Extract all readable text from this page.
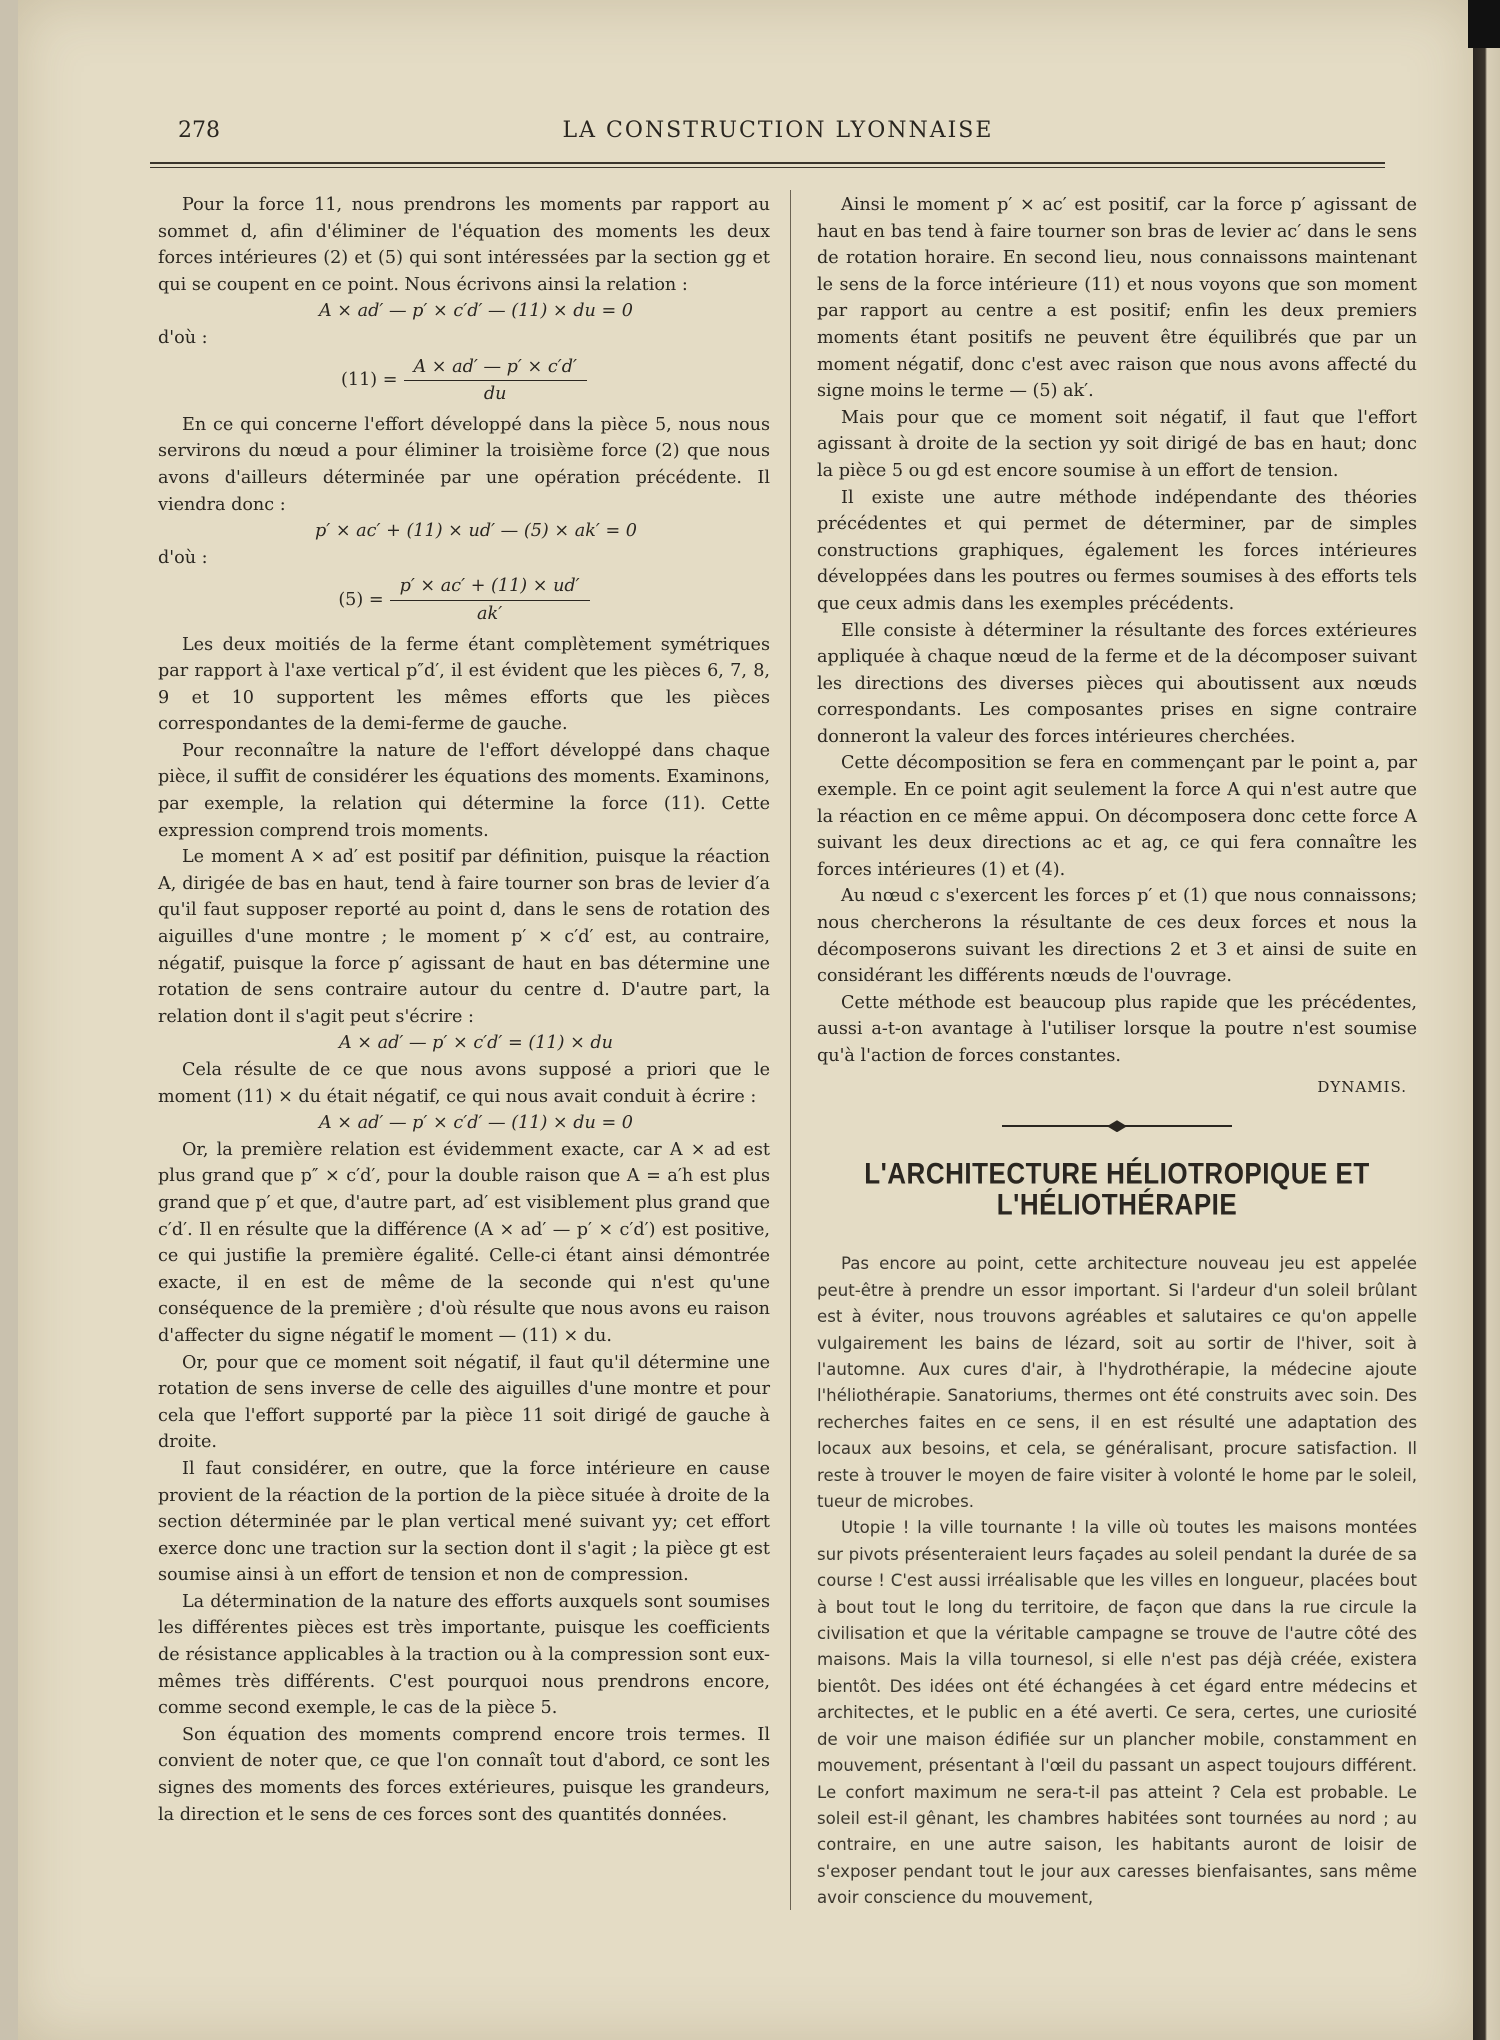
278	LA CONSTRUCTION LYONNAISE

Pour la force 11, nous prendrons les moments par rapport au sommet d, afin d'éliminer de l'équation des moments les deux forces intérieures (2) et (5) qui sont intéressées par la section gg et qui se coupent en ce point. Nous écrivons ainsi la relation :

A ⨯ ad′ — p′ ⨯ c′d′ — (11) ⨯ du = 0

d'où :

$(11) = \frac{A ⨯ ad' — p' ⨯ c'd'}{du}$

En ce qui concerne l'effort développé dans la pièce 5, nous nous servirons du nœud a pour éliminer la troisième force (2) que nous avons d'ailleurs déterminée par une opération précédente. Il viendra donc :

p′ ⨯ ac′ + (11) ⨯ ud′ — (5) ⨯ ak′ = 0

d'où :

$(5) = \frac{p' ⨯ ac' + (11) ⨯ ud'}{ak'}$

Les deux moitiés de la ferme étant complètement symétriques par rapport à l'axe vertical p″d′, il est évident que les pièces 6, 7, 8, 9 et 10 supportent les mêmes efforts que les pièces correspondantes de la demi-ferme de gauche.

Pour reconnaître la nature de l'effort développé dans chaque pièce, il suffit de considérer les équations des moments. Examinons, par exemple, la relation qui détermine la force (11). Cette expression comprend trois moments.

Le moment A ⨯ ad′ est positif par définition, puisque la réaction A, dirigée de bas en haut, tend à faire tourner son bras de levier d′a qu'il faut supposer reporté au point d, dans le sens de rotation des aiguilles d'une montre ; le moment p′ ⨯ c′d′ est, au contraire, négatif, puisque la force p′ agissant de haut en bas détermine une rotation de sens contraire autour du centre d. D'autre part, la relation dont il s'agit peut s'écrire :

A ⨯ ad′ — p′ ⨯ c′d′ = (11) ⨯ du

Cela résulte de ce que nous avons supposé a priori que le moment (11) ⨯ du était négatif, ce qui nous avait conduit à écrire :

A ⨯ ad′ — p′ ⨯ c′d′ — (11) ⨯ du = 0

Or, la première relation est évidemment exacte, car A ⨯ ad est plus grand que p″ ⨯ c′d′, pour la double raison que A = a′h est plus grand que p′ et que, d'autre part, ad′ est visiblement plus grand que c′d′. Il en résulte que la différence (A ⨯ ad′ — p′ ⨯ c′d′) est positive, ce qui justifie la première égalité. Celle-ci étant ainsi démontrée exacte, il en est de même de la seconde qui n'est qu'une conséquence de la première ; d'où résulte que nous avons eu raison d'affecter du signe négatif le moment — (11) ⨯ du.

Or, pour que ce moment soit négatif, il faut qu'il détermine une rotation de sens inverse de celle des aiguilles d'une montre et pour cela que l'effort supporté par la pièce 11 soit dirigé de gauche à droite.

Il faut considérer, en outre, que la force intérieure en cause provient de la réaction de la portion de la pièce située à droite de la section déterminée par le plan vertical mené suivant yy; cet effort exerce donc une traction sur la section dont il s'agit ; la pièce gt est soumise ainsi à un effort de tension et non de compression.

La détermination de la nature des efforts auxquels sont soumises les différentes pièces est très importante, puisque les coefficients de résistance applicables à la traction ou à la compression sont eux-mêmes très différents. C'est pourquoi nous prendrons encore, comme second exemple, le cas de la pièce 5.

Son équation des moments comprend encore trois termes. Il convient de noter que, ce que l'on connaît tout d'abord, ce sont les signes des moments des forces extérieures, puisque les grandeurs, la direction et le sens de ces forces sont des quantités données.

Ainsi le moment p′ ⨯ ac′ est positif, car la force p′ agissant de haut en bas tend à faire tourner son bras de levier ac′ dans le sens de rotation horaire. En second lieu, nous connaissons maintenant le sens de la force intérieure (11) et nous voyons que son moment par rapport au centre a est positif; enfin les deux premiers moments étant positifs ne peuvent être équilibrés que par un moment négatif, donc c'est avec raison que nous avons affecté du signe moins le terme — (5) ak′.

Mais pour que ce moment soit négatif, il faut que l'effort agissant à droite de la section yy soit dirigé de bas en haut; donc la pièce 5 ou gd est encore soumise à un effort de tension.

Il existe une autre méthode indépendante des théories précédentes et qui permet de déterminer, par de simples constructions graphiques, également les forces intérieures développées dans les poutres ou fermes soumises à des efforts tels que ceux admis dans les exemples précédents.

Elle consiste à déterminer la résultante des forces extérieures appliquée à chaque nœud de la ferme et de la décomposer suivant les directions des diverses pièces qui aboutissent aux nœuds correspondants. Les composantes prises en signe contraire donneront la valeur des forces intérieures cherchées.

Cette décomposition se fera en commençant par le point a, par exemple. En ce point agit seulement la force A qui n'est autre que la réaction en ce même appui. On décomposera donc cette force A suivant les deux directions ac et ag, ce qui fera connaître les forces intérieures (1) et (4).

Au nœud c s'exercent les forces p′ et (1) que nous connaissons; nous chercherons la résultante de ces deux forces et nous la décomposerons suivant les directions 2 et 3 et ainsi de suite en considérant les différents nœuds de l'ouvrage.

Cette méthode est beaucoup plus rapide que les précédentes, aussi a-t-on avantage à l'utiliser lorsque la poutre n'est soumise qu'à l'action de forces constantes.

DYNAMIS.
L'ARCHITECTURE HÉLIOTROPIQUE ET L'HÉLIOTHÉRAPIE

Pas encore au point, cette architecture nouveau jeu est appelée peut-être à prendre un essor important. Si l'ardeur d'un soleil brûlant est à éviter, nous trouvons agréables et salutaires ce qu'on appelle vulgairement les bains de lézard, soit au sortir de l'hiver, soit à l'automne. Aux cures d'air, à l'hydrothérapie, la médecine ajoute l'héliothérapie. Sanatoriums, thermes ont été construits avec soin. Des recherches faites en ce sens, il en est résulté une adaptation des locaux aux besoins, et cela, se généralisant, procure satisfaction. Il reste à trouver le moyen de faire visiter à volonté le home par le soleil, tueur de microbes.

Utopie ! la ville tournante ! la ville où toutes les maisons montées sur pivots présenteraient leurs façades au soleil pendant la durée de sa course ! C'est aussi irréalisable que les villes en longueur, placées bout à bout tout le long du territoire, de façon que dans la rue circule la civilisation et que la véritable campagne se trouve de l'autre côté des maisons. Mais la villa tournesol, si elle n'est pas déjà créée, existera bientôt. Des idées ont été échangées à cet égard entre médecins et architectes, et le public en a été averti. Ce sera, certes, une curiosité de voir une maison édifiée sur un plancher mobile, constamment en mouvement, présentant à l'œil du passant un aspect toujours différent. Le confort maximum ne sera-t-il pas atteint ? Cela est probable. Le soleil est-il gênant, les chambres habitées sont tournées au nord ; au contraire, en une autre saison, les habitants auront de loisir de s'exposer pendant tout le jour aux caresses bienfaisantes, sans même avoir conscience du mouvement,
